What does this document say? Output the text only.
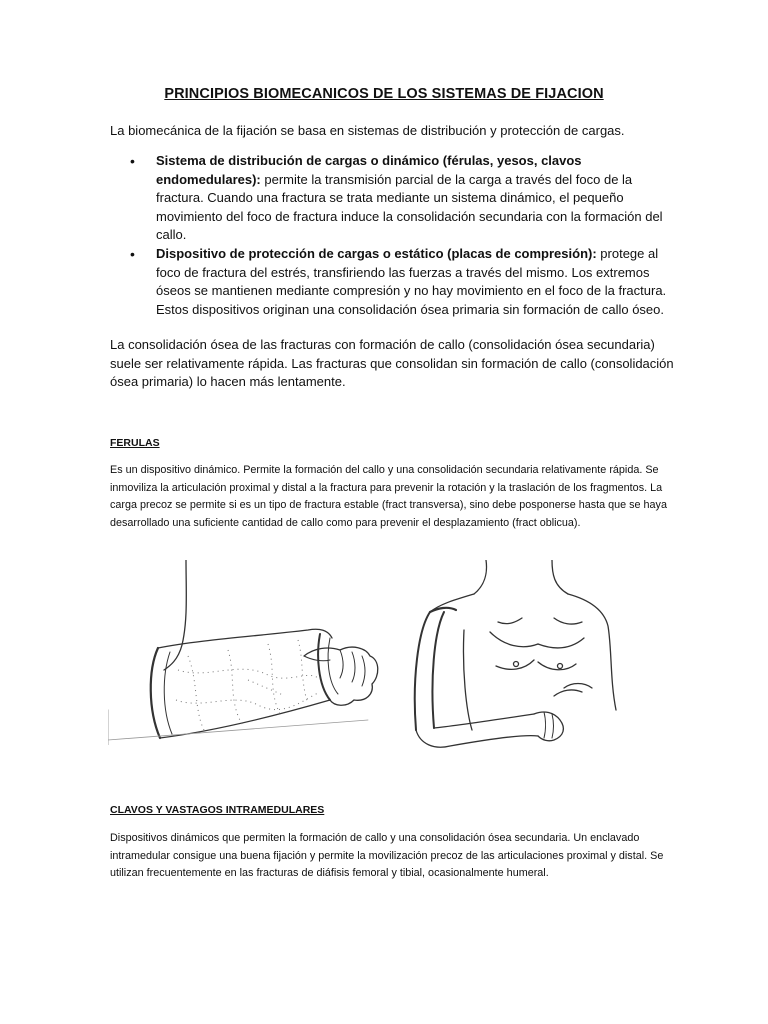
PRINCIPIOS BIOMECANICOS DE LOS SISTEMAS DE FIJACION
La biomecánica de la fijación se basa en sistemas de distribución y protección de cargas.
• Sistema de distribución de cargas o dinámico (férulas, yesos, clavos endomedulares): permite la transmisión parcial de la carga a través del foco de la fractura. Cuando una fractura se trata mediante un sistema dinámico, el pequeño movimiento del foco de fractura induce la consolidación secundaria con la formación del callo.
• Dispositivo de protección de cargas o estático (placas de compresión): protege al foco de fractura del estrés, transfiriendo las fuerzas a través del mismo. Los extremos óseos se mantienen mediante compresión y no hay movimiento en el foco de la fractura. Estos dispositivos originan una consolidación ósea primaria sin formación de callo óseo.
La consolidación ósea de las fracturas con formación de callo (consolidación ósea secundaria) suele ser relativamente rápida. Las fracturas que consolidan sin formación de callo (consolidación ósea primaria) lo hacen más lentamente.
FERULAS
Es un dispositivo dinámico. Permite la formación del callo y una consolidación secundaria relativamente rápida. Se inmoviliza la articulación proximal y distal a la fractura para prevenir la rotación y la traslación de los fragmentos. La carga precoz se permite si es un tipo de fractura estable (fract transversa), sino debe posponerse hasta que se haya desarrollado una suficiente cantidad de callo como para prevenir el desplazamiento (fract oblicua).
CLAVOS Y VASTAGOS INTRAMEDULARES
Dispositivos dinámicos que permiten la formación de callo y una consolidación ósea secundaria. Un enclavado intramedular consigue una buena fijación y permite la movilización precoz de las articulaciones proximal y distal. Se utilizan frecuentemente en las fracturas de diáfisis femoral y tibial, ocasionalmente humeral.
